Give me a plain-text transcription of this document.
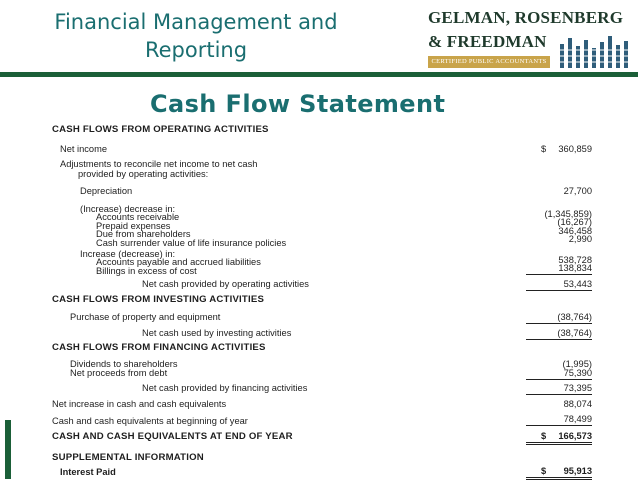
Financial Management and
Reporting
GELMAN, ROSENBERG
& FREEDMAN
CERTIFIED PUBLIC ACCOUNTANTS
Cash Flow Statement
CASH FLOWS FROM OPERATING ACTIVITIES
Net income	$ 360,859
Adjustments to reconcile net income to net cash
provided by operating activities:
Depreciation	27,700
(Increase) decrease in:
Accounts receivable	(1,345,859)
Prepaid expenses	(16,267)
Due from shareholders	346,458
Cash surrender value of life insurance policies	2,990
Increase (decrease) in:
Accounts payable and accrued liabilities	538,728
Billings in excess of cost	138,834
Net cash provided by operating activities	53,443
CASH FLOWS FROM INVESTING ACTIVITIES
Purchase of property and equipment	(38,764)
Net cash used by investing activities	(38,764)
CASH FLOWS FROM FINANCING ACTIVITIES
Dividends to shareholders	(1,995)
Net proceeds from debt	75,390
Net cash provided by financing activities	73,395
Net increase in cash and cash equivalents	88,074
Cash and cash equivalents at beginning of year	78,499
CASH AND CASH EQUIVALENTS AT END OF YEAR	$	166,573
SUPPLEMENTAL INFORMATION
Interest Paid	$	95,913
